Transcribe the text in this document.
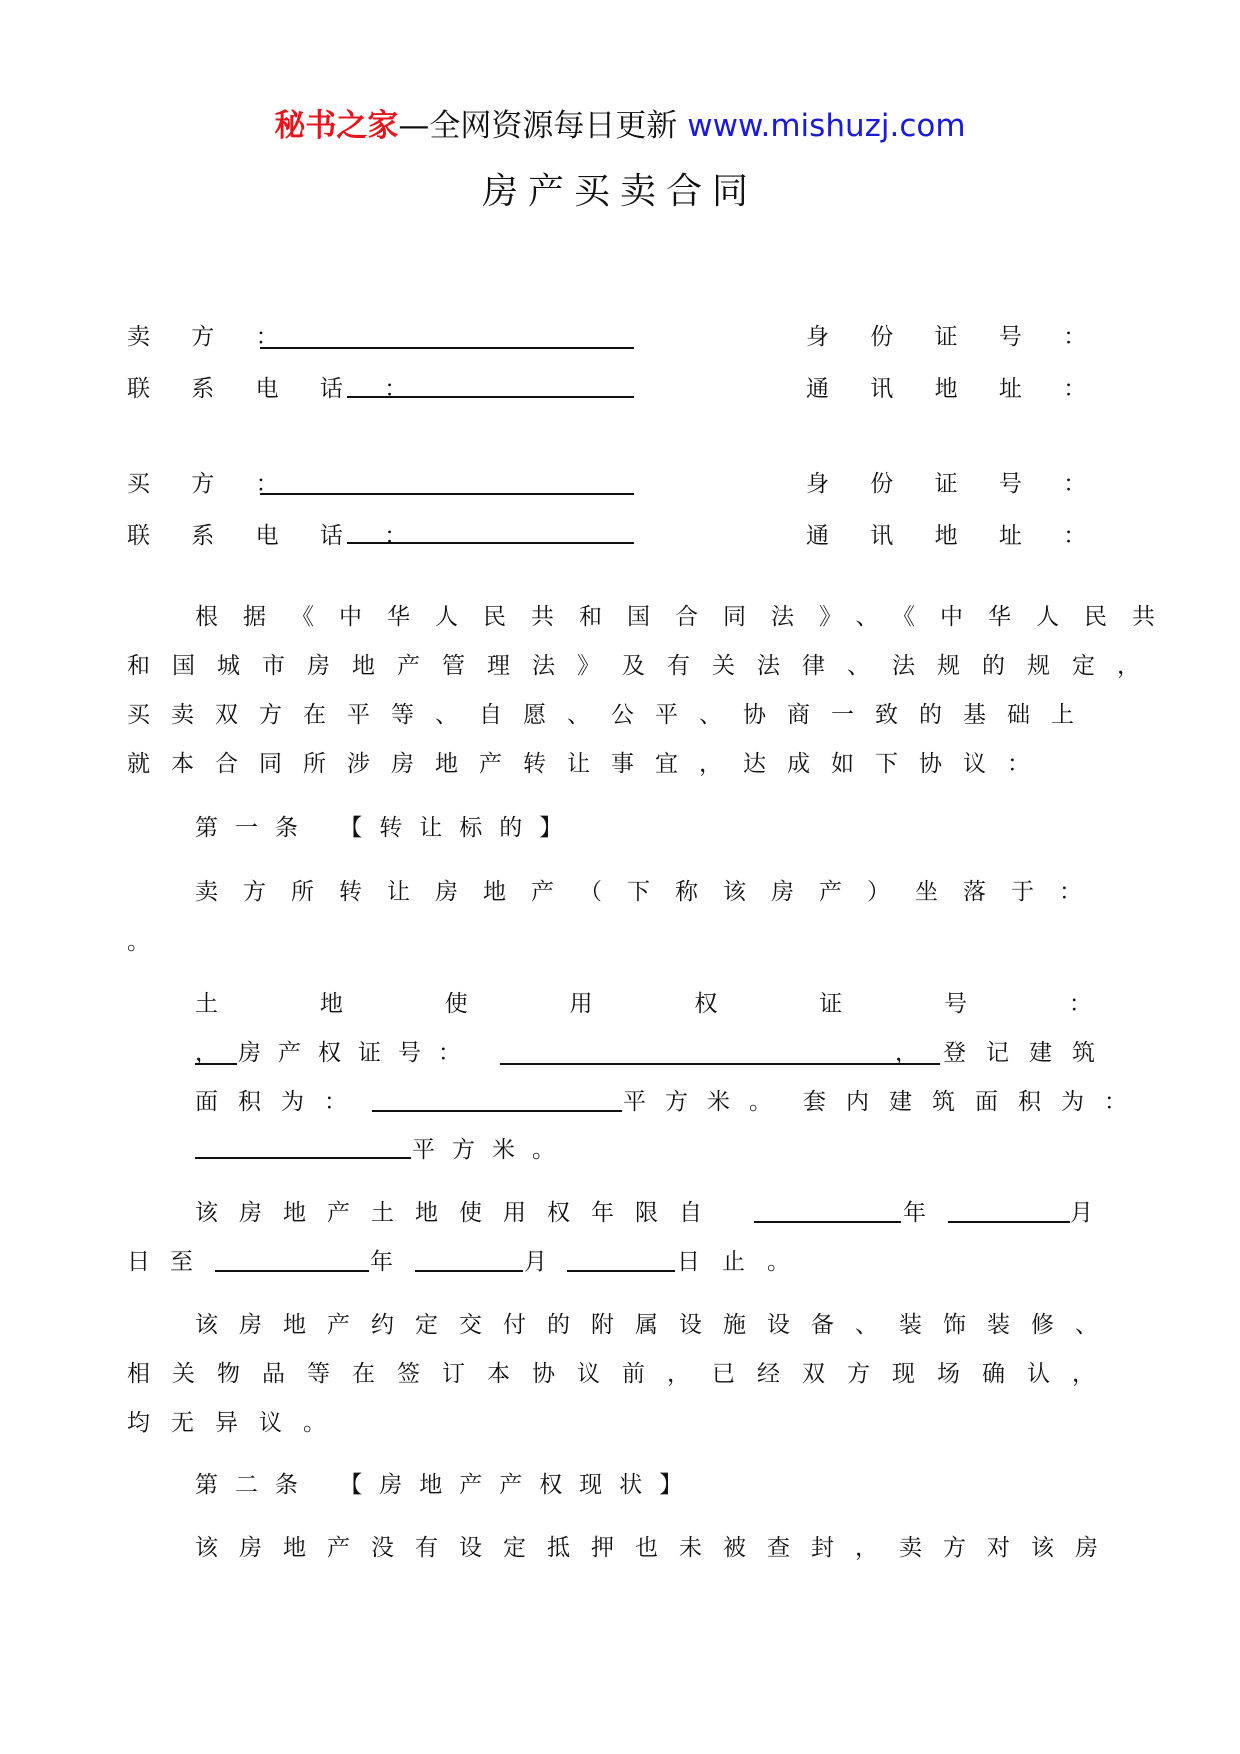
秘书之家—全网资源每日更新 www.mishuzj.com
房产买卖合同
卖 方 ：	身 份 证 号 ：
联 系 电 话 ：	通 讯 地 址 ：
买 方 ：	身 份 证 号 ：
联 系 电 话 ：	通 讯 地 址 ：
根据《中华人民共和国合同法》、《中华人民共
和国城市房地产管理法》及有关法律、法规的规定，
买卖双方在平等、自愿、公平、协商一致的基础上
就本合同所涉房地产转让事宜，达成如下协议：
第一条 【转让标的】
卖方所转让房地产（下称该房产）坐落于：
。
土	地	使	用	权	证	号	：
， 房产权证号：	， 登记建筑
面积为：	平方米。 套内建筑面积为：
平方米。
该房地产土地使用权年限自	年	月
日至	年	月	日止。
该房地产约定交付的附属设施设备、装饰装修、
相关物品等在签订本协议前，已经双方现场确认，
均无异议。
第二条 【房地产产权现状】
该房地产没有设定抵押也未被查封，卖方对该房
